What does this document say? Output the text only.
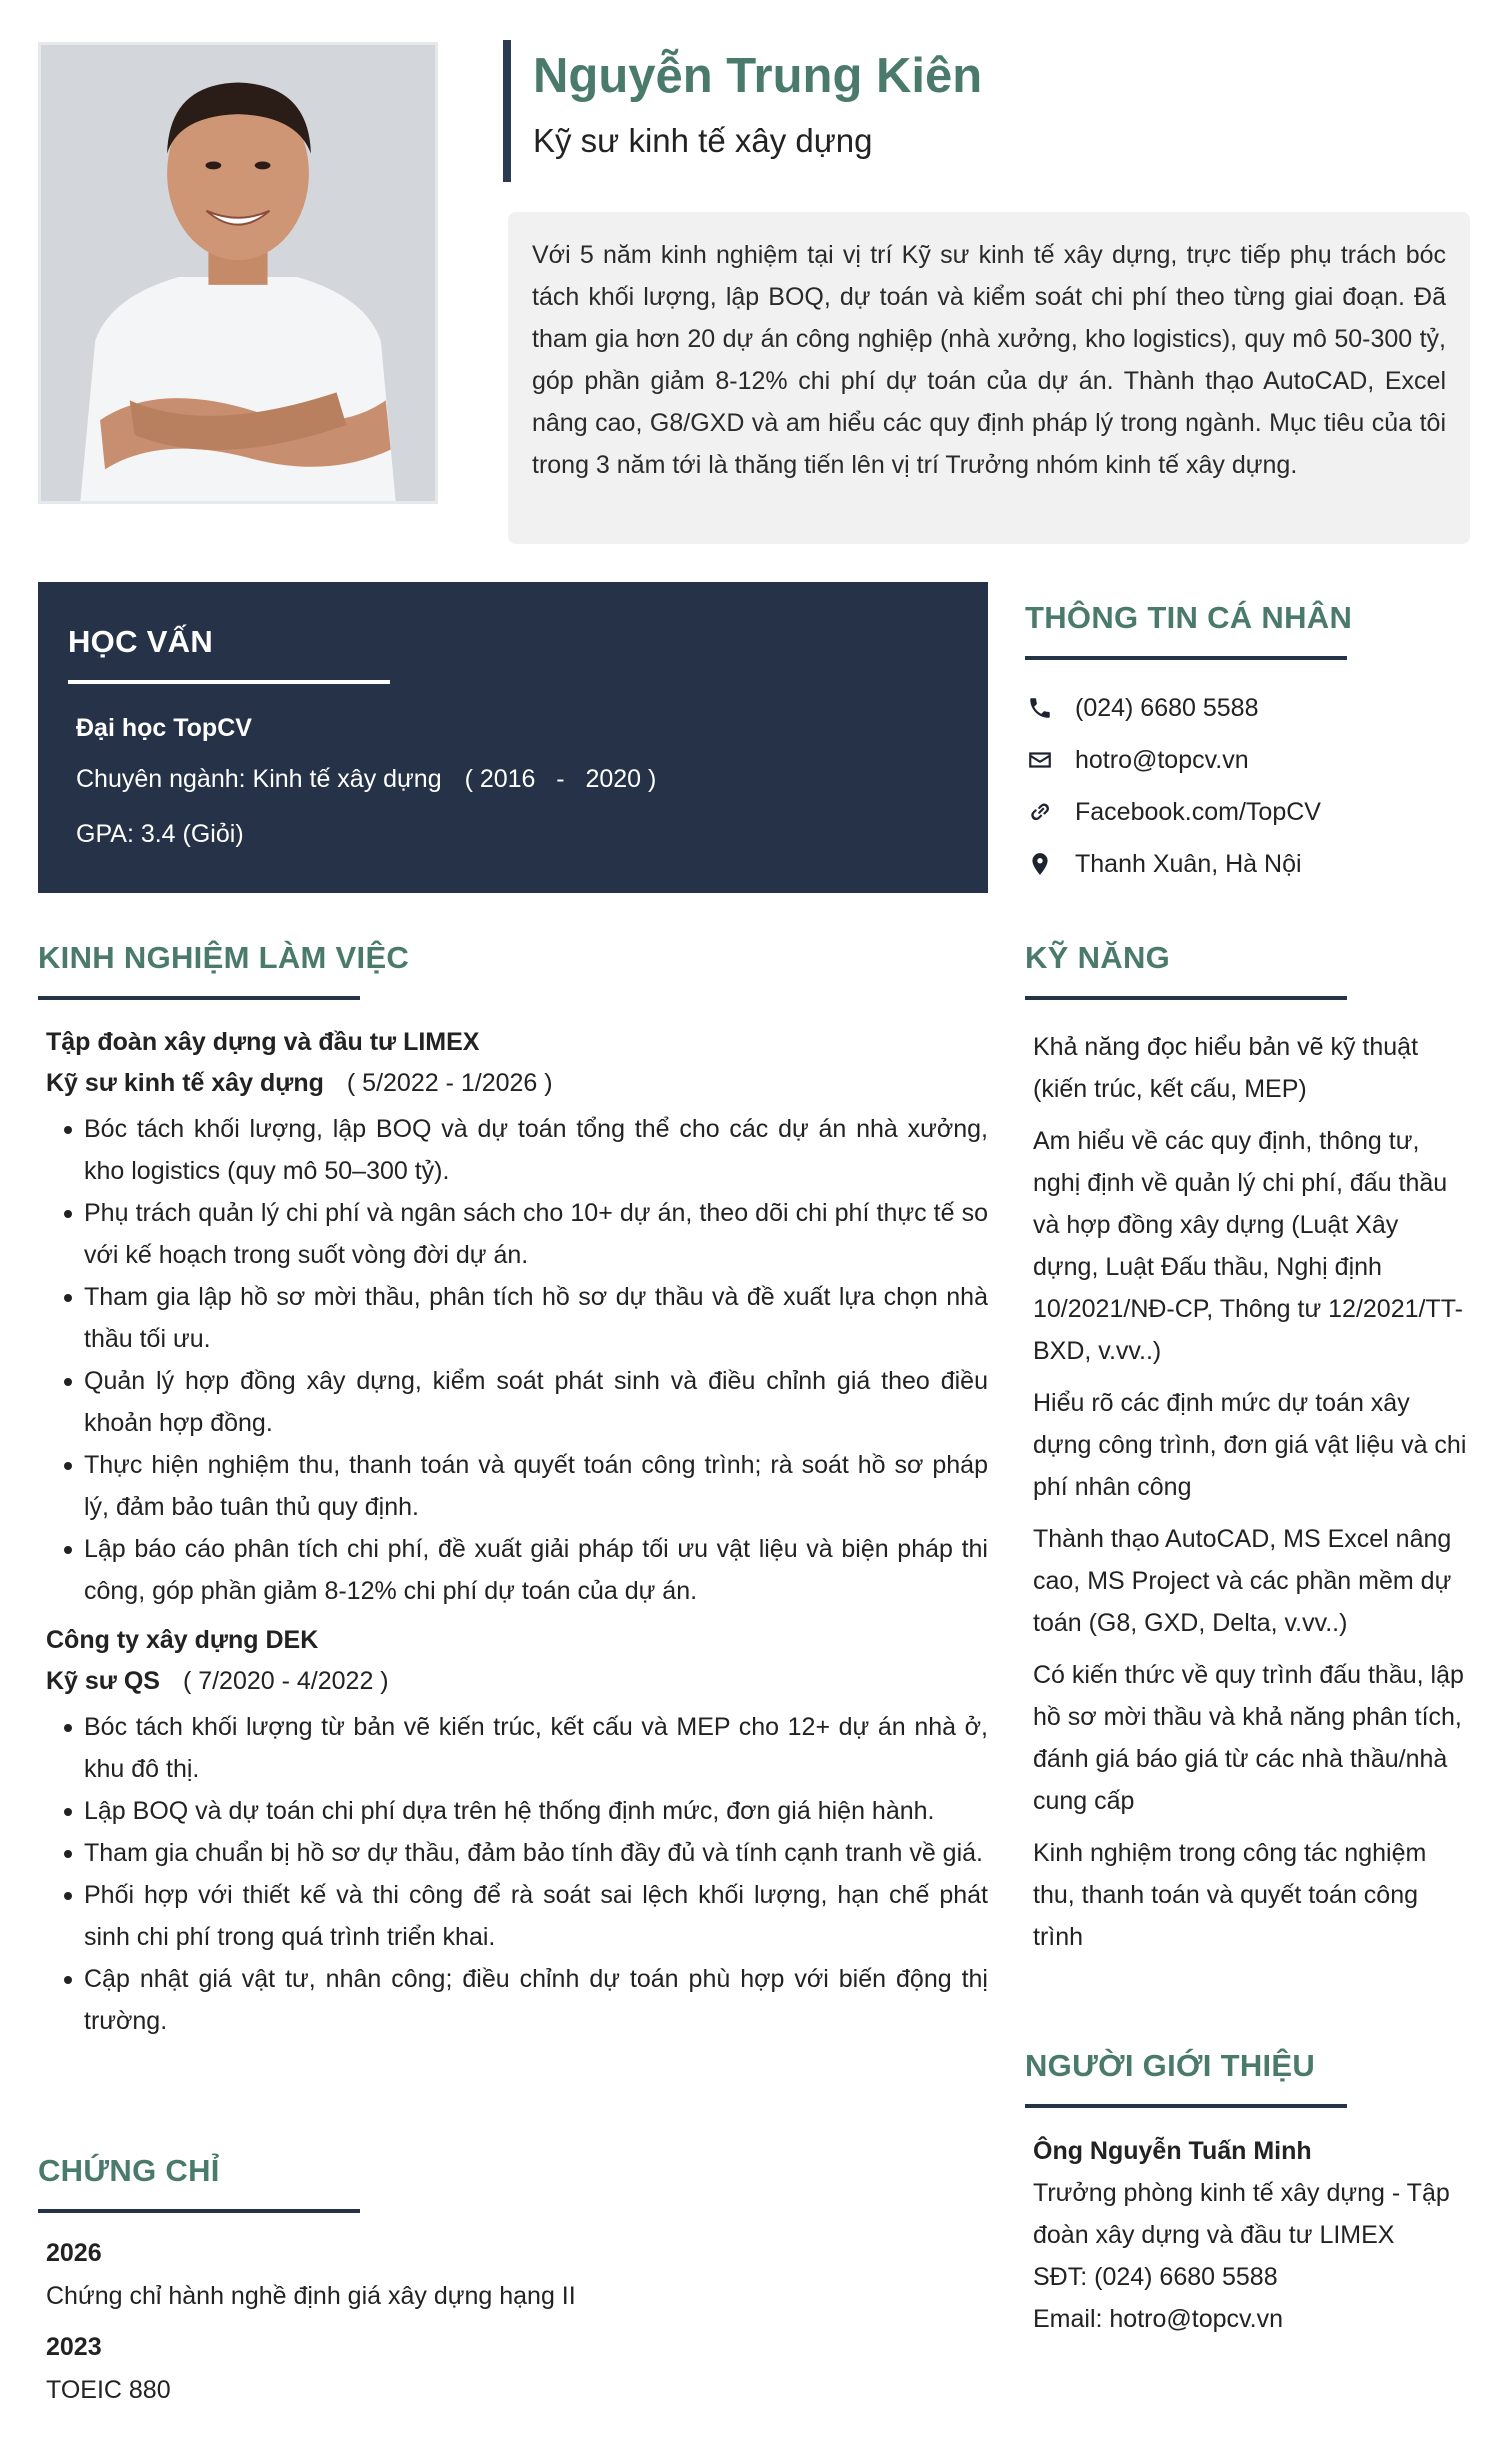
Nguyễn Trung Kiên
Kỹ sư kinh tế xây dựng
Với 5 năm kinh nghiệm tại vị trí Kỹ sư kinh tế xây dựng, trực tiếp phụ trách bóc tách khối lượng, lập BOQ, dự toán và kiểm soát chi phí theo từng giai đoạn. Đã tham gia hơn 20 dự án công nghiệp (nhà xưởng, kho logistics), quy mô 50-300 tỷ, góp phần giảm 8-12% chi phí dự toán của dự án. Thành thạo AutoCAD, Excel nâng cao, G8/GXD và am hiểu các quy định pháp lý trong ngành. Mục tiêu của tôi trong 3 năm tới là thăng tiến lên vị trí Trưởng nhóm kinh tế xây dựng.
HỌC VẤN
Đại học TopCV
Chuyên ngành: Kinh tế xây dựng ( 2016   -   2020 )
GPA: 3.4 (Giỏi)
THÔNG TIN CÁ NHÂN
(024) 6680 5588
hotro@topcv.vn
Facebook.com/TopCV
Thanh Xuân, Hà Nội
KINH NGHIỆM LÀM VIỆC
Tập đoàn xây dựng và đầu tư LIMEX
Kỹ sư kinh tế xây dựng ( 5/2022 - 1/2026 )
Bóc tách khối lượng, lập BOQ và dự toán tổng thể cho các dự án nhà xưởng, kho logistics (quy mô 50–300 tỷ).
Phụ trách quản lý chi phí và ngân sách cho 10+ dự án, theo dõi chi phí thực tế so với kế hoạch trong suốt vòng đời dự án.
Tham gia lập hồ sơ mời thầu, phân tích hồ sơ dự thầu và đề xuất lựa chọn nhà thầu tối ưu.
Quản lý hợp đồng xây dựng, kiểm soát phát sinh và điều chỉnh giá theo điều khoản hợp đồng.
Thực hiện nghiệm thu, thanh toán và quyết toán công trình; rà soát hồ sơ pháp lý, đảm bảo tuân thủ quy định.
Lập báo cáo phân tích chi phí, đề xuất giải pháp tối ưu vật liệu và biện pháp thi công, góp phần giảm 8-12% chi phí dự toán của dự án.
Công ty xây dựng DEK
Kỹ sư QS ( 7/2020 - 4/2022 )
Bóc tách khối lượng từ bản vẽ kiến trúc, kết cấu và MEP cho 12+ dự án nhà ở, khu đô thị.
Lập BOQ và dự toán chi phí dựa trên hệ thống định mức, đơn giá hiện hành.
Tham gia chuẩn bị hồ sơ dự thầu, đảm bảo tính đầy đủ và tính cạnh tranh về giá.
Phối hợp với thiết kế và thi công để rà soát sai lệch khối lượng, hạn chế phát sinh chi phí trong quá trình triển khai.
Cập nhật giá vật tư, nhân công; điều chỉnh dự toán phù hợp với biến động thị trường.
CHỨNG CHỈ
2026
Chứng chỉ hành nghề định giá xây dựng hạng II
2023
TOEIC 880
KỸ NĂNG
Khả năng đọc hiểu bản vẽ kỹ thuật (kiến trúc, kết cấu, MEP)
Am hiểu về các quy định, thông tư, nghị định về quản lý chi phí, đấu thầu và hợp đồng xây dựng (Luật Xây dựng, Luật Đấu thầu, Nghị định 10/2021/NĐ-CP, Thông tư 12/2021/TT-BXD, v.vv..)
Hiểu rõ các định mức dự toán xây dựng công trình, đơn giá vật liệu và chi phí nhân công
Thành thạo AutoCAD, MS Excel nâng cao, MS Project và các phần mềm dự toán (G8, GXD, Delta, v.vv..)
Có kiến thức về quy trình đấu thầu, lập hồ sơ mời thầu và khả năng phân tích, đánh giá báo giá từ các nhà thầu/nhà cung cấp
Kinh nghiệm trong công tác nghiệm thu, thanh toán và quyết toán công trình
NGƯỜI GIỚI THIỆU
Ông Nguyễn Tuấn Minh
Trưởng phòng kinh tế xây dựng - Tập đoàn xây dựng và đầu tư LIMEX
SĐT: (024) 6680 5588
Email: hotro@topcv.vn
